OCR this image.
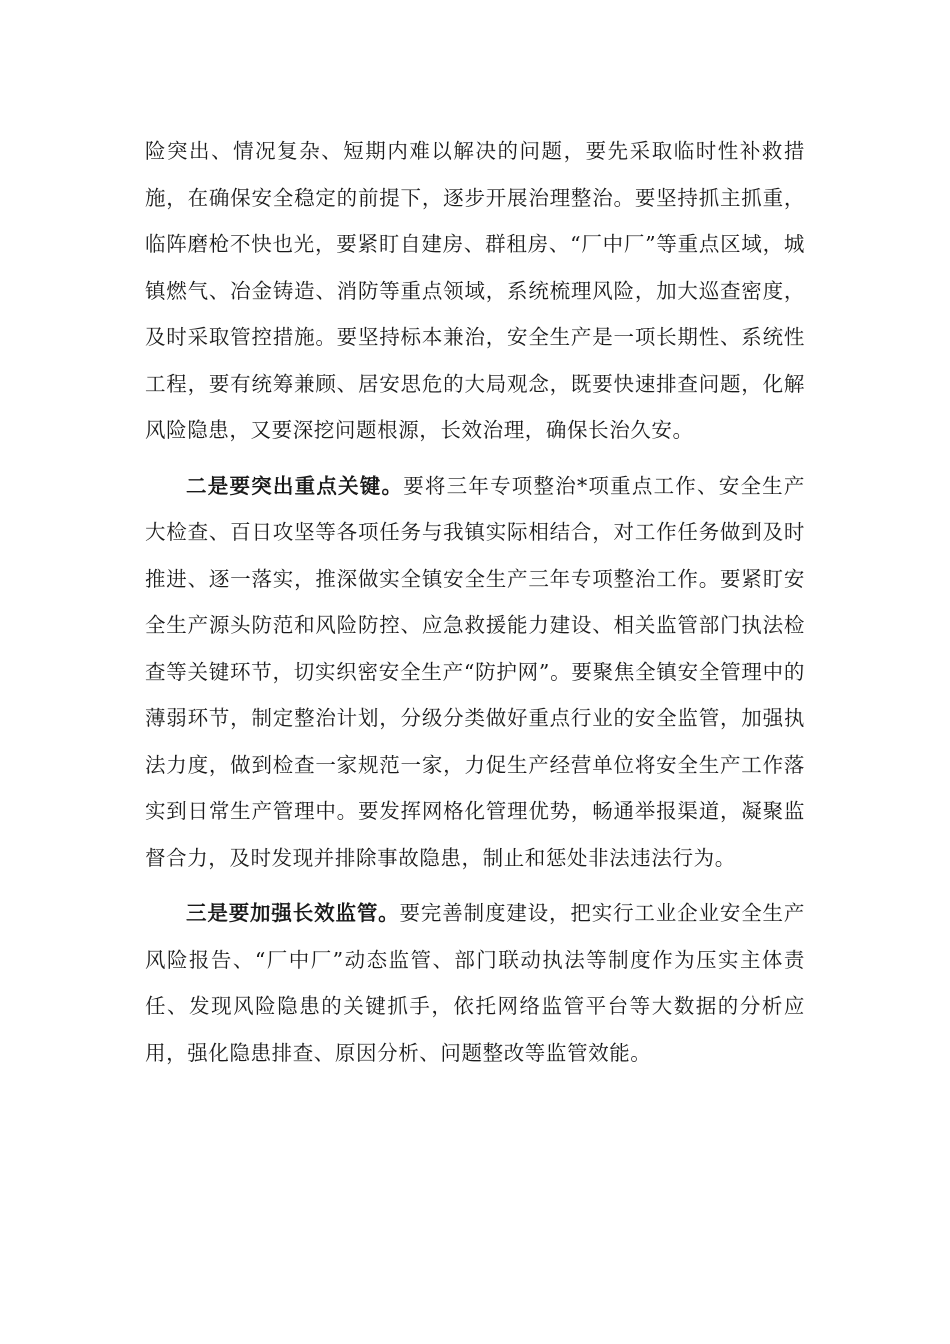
险突出、情况复杂、短期内难以解决的问题，要先采取临时性补救措施，在确保安全稳定的前提下，逐步开展治理整治。要坚持抓主抓重，临阵磨枪不快也光，要紧盯自建房、群租房、“厂中厂”等重点区域，城镇燃气、冶金铸造、消防等重点领域，系统梳理风险，加大巡查密度，及时采取管控措施。要坚持标本兼治，安全生产是一项长期性、系统性工程，要有统筹兼顾、居安思危的大局观念，既要快速排查问题，化解风险隐患，又要深挖问题根源，长效治理，确保长治久安。

二是要突出重点关键。要将三年专项整治*项重点工作、安全生产大检查、百日攻坚等各项任务与我镇实际相结合，对工作任务做到及时推进、逐一落实，推深做实全镇安全生产三年专项整治工作。要紧盯安全生产源头防范和风险防控、应急救援能力建设、相关监管部门执法检查等关键环节，切实织密安全生产“防护网”。要聚焦全镇安全管理中的薄弱环节，制定整治计划，分级分类做好重点行业的安全监管，加强执法力度，做到检查一家规范一家，力促生产经营单位将安全生产工作落实到日常生产管理中。要发挥网格化管理优势，畅通举报渠道，凝聚监督合力，及时发现并排除事故隐患，制止和惩处非法违法行为。

三是要加强长效监管。要完善制度建设，把实行工业企业安全生产风险报告、“厂中厂”动态监管、部门联动执法等制度作为压实主体责任、发现风险隐患的关键抓手，依托网络监管平台等大数据的分析应用，强化隐患排查、原因分析、问题整改等监管效能。
